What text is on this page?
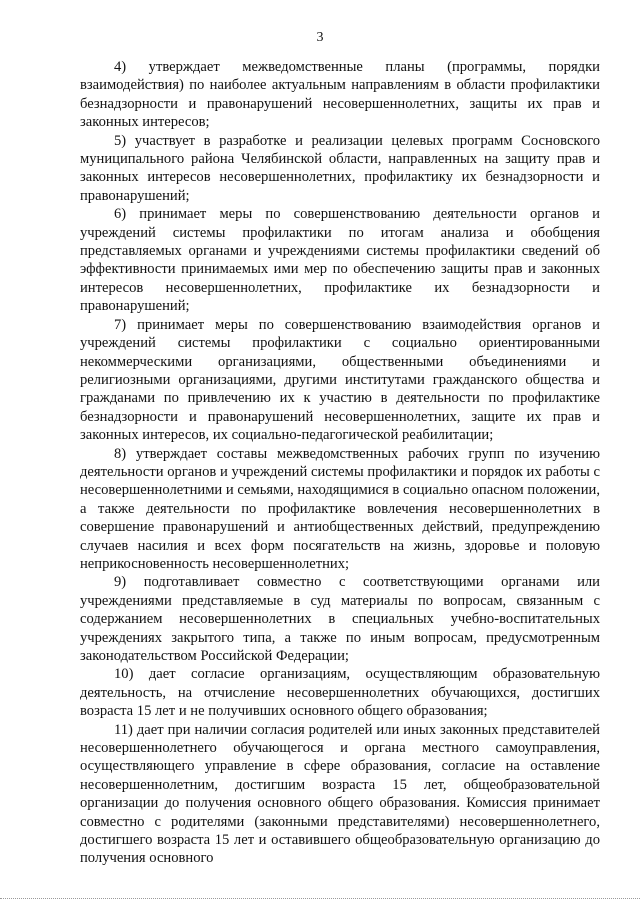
3

4) утверждает межведомственные планы (программы, порядки взаимодействия) по наиболее актуальным направлениям в области профилактики безнадзорности и правонарушений несовершеннолетних, защиты их прав и законных интересов;

5) участвует в разработке и реализации целевых программ Сосновского муниципального района Челябинской области, направленных на защиту прав и законных интересов несовершеннолетних, профилактику их безнадзорности и правонарушений;

6) принимает меры по совершенствованию деятельности органов и учреждений системы профилактики по итогам анализа и обобщения представляемых органами и учреждениями системы профилактики сведений об эффективности принимаемых ими мер по обеспечению защиты прав и законных интересов несовершеннолетних, профилактике их безнадзорности и правонарушений;

7) принимает меры по совершенствованию взаимодействия органов и учреждений системы профилактики с социально ориентированными некоммерческими организациями, общественными объединениями и религиозными организациями, другими институтами гражданского общества и гражданами по привлечению их к участию в деятельности по профилактике безнадзорности и правонарушений несовершеннолетних, защите их прав и законных интересов, их социально-педагогической реабилитации;

8) утверждает составы межведомственных рабочих групп по изучению деятельности органов и учреждений системы профилактики и порядок их работы с несовершеннолетними и семьями, находящимися в социально опасном положении, а также деятельности по профилактике вовлечения несовершеннолетних в совершение правонарушений и антиобщественных действий, предупреждению случаев насилия и всех форм посягательств на жизнь, здоровье и половую неприкосновенность несовершеннолетних;

9) подготавливает совместно с соответствующими органами или учреждениями представляемые в суд материалы по вопросам, связанным с содержанием несовершеннолетних в специальных учебно-воспитательных учреждениях закрытого типа, а также по иным вопросам, предусмотренным законодательством Российской Федерации;

10) дает согласие организациям, осуществляющим образовательную деятельность, на отчисление несовершеннолетних обучающихся, достигших возраста 15 лет и не получивших основного общего образования;

11) дает при наличии согласия родителей или иных законных представителей несовершеннолетнего обучающегося и органа местного самоуправления, осуществляющего управление в сфере образования, согласие на оставление несовершеннолетним, достигшим возраста 15 лет, общеобразовательной организации до получения основного общего образования. Комиссия принимает совместно с родителями (законными представителями) несовершеннолетнего, достигшего возраста 15 лет и оставившего общеобразовательную организацию до получения основного
